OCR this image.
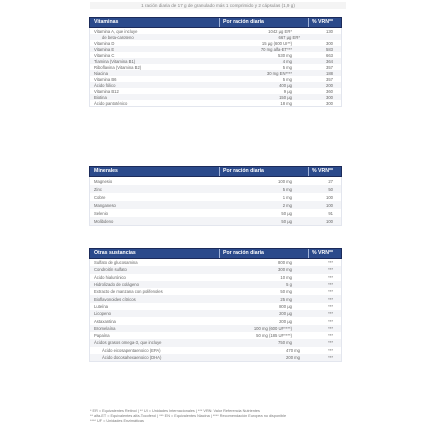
1 ración diaria de 17 g de granulado más 1 comprimido y 2 cápsulas (1,9 g)
Vitaminas	Por ración diaria	% VRN**
Vitamina A, que incluye	1042 µg ER*	130
de beta-caroteno	667 µg ER*
Vitamina D	15 µg (600 UI**)	300
Vitamina E	70 mg alfa-ET***	583
Vitamina C	530 mg	663
Tiamina (Vitamina B1)	4 mg	364
Riboflavina (Vitamina B2)	5 mg	357
Niacina	30 mg EN****	188
Vitamina B6	5 mg	357
Ácido fólico	400 µg	200
Vitamina B12	9 µg	360
Biotina	150 µg	300
Ácido pantoténico	18 mg	300
Minerales	Por ración diaria	% VRN**
Magnesio	100 mg	27
Zinc	5 mg	50
Cobre	1 mg	100
Manganeso	2 mg	100
Selenio	50 µg	91
Molibdeno	50 µg	100
Otras sustancias	Por ración diaria	% VRN**
Sulfato de glucosamina	800 mg	***
Condroitín sulfato	300 mg	***
Ácido hialurónico	10 mg	***
Hidrolizado de colágeno	5 g	***
Extracto de manzana con polifenoles	50 mg	***
Bioflavonoides cítricos	25 mg	***
Luteína	800 µg	***
Licopeno	200 µg	***
Astaxantina	200 µg	***
Bromelaína	100 mg (600 UF****)	***
Papaína	50 mg (185 UF****)	***
Ácidos grasos omega-3, que incluye	750 mg	***
Ácido eicosapentaenoico (EPA)	470 mg	***
Ácido docosahexaenoico (DHA)	200 mg	***
* ER = Equivalentes Retinol | ** UI = Unidades Internacionales | *** VRN: Valor Referencia Nutrientes
** alfa-ET = Equivalentes alfa-Tocoferol | *** EN = Equivalentes Niacina | **** Recomendación Europea no disponible
**** UF = Unidades Enzimáticas
